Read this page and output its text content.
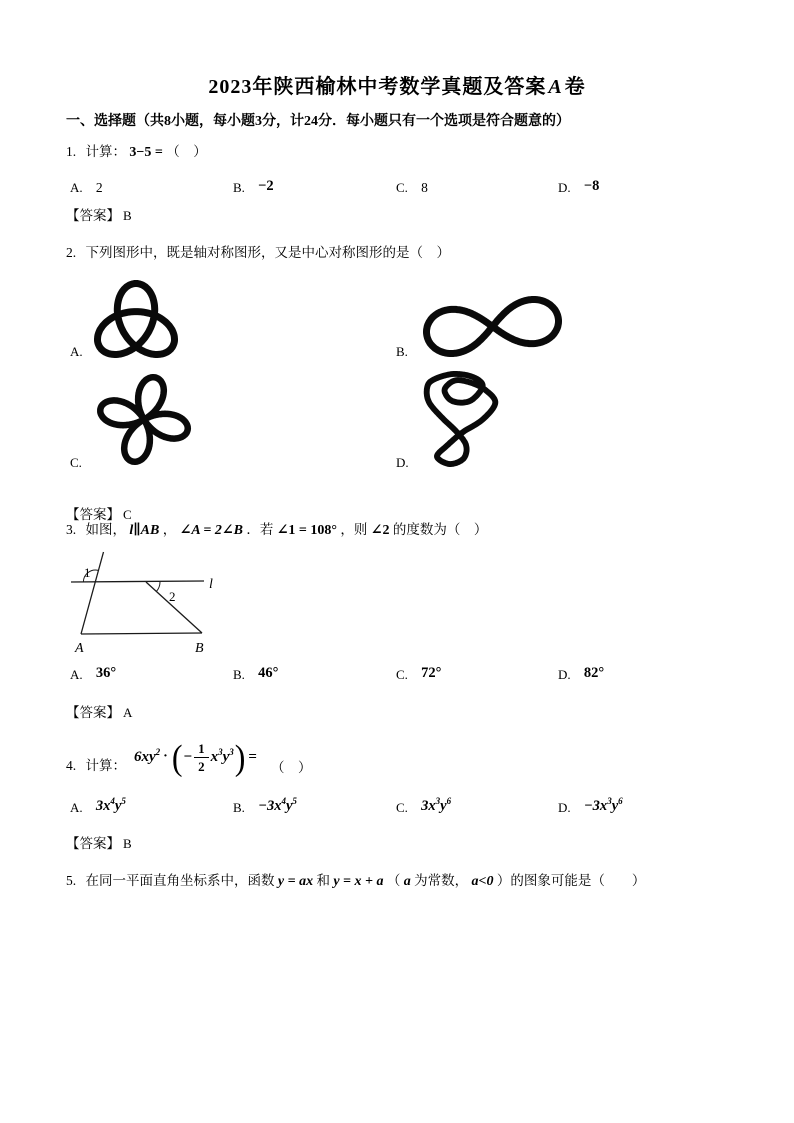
2023年陕西榆林中考数学真题及答案 A 卷
一、选择题（共8小题，每小题3分，计24分．每小题只有一个选项是符合题意的）
1. 计算： 3−5 = （　）
A. 2	B. −2	C. 8	D. −8
【答案】 B
2. 下列图形中，既是轴对称图形，又是中心对称图形的是（　）
A.	B.
C.	D.
【答案】 C
3. 如图， l∥AB ， ∠A = 2∠B ．若 ∠1 = 108° ，则 ∠2 的度数为（　）
1
2
l
A	B
A. 36°	B. 46°	C. 72°	D. 82°
【答案】 A
4. 计算：
$6xy^2$ · ( − $\frac{1}{2} x^3y^3$ ) =
（　）
A. $3x^4y^5$	B. $-3x^4y^5$	C. $3x^3y^6$	D. $-3x^3y^6$
【答案】 B
5. 在同一平面直角坐标系中，函数 y = ax 和 y = x + a （ a 为常数， a<0 ）的图象可能是（　　）
